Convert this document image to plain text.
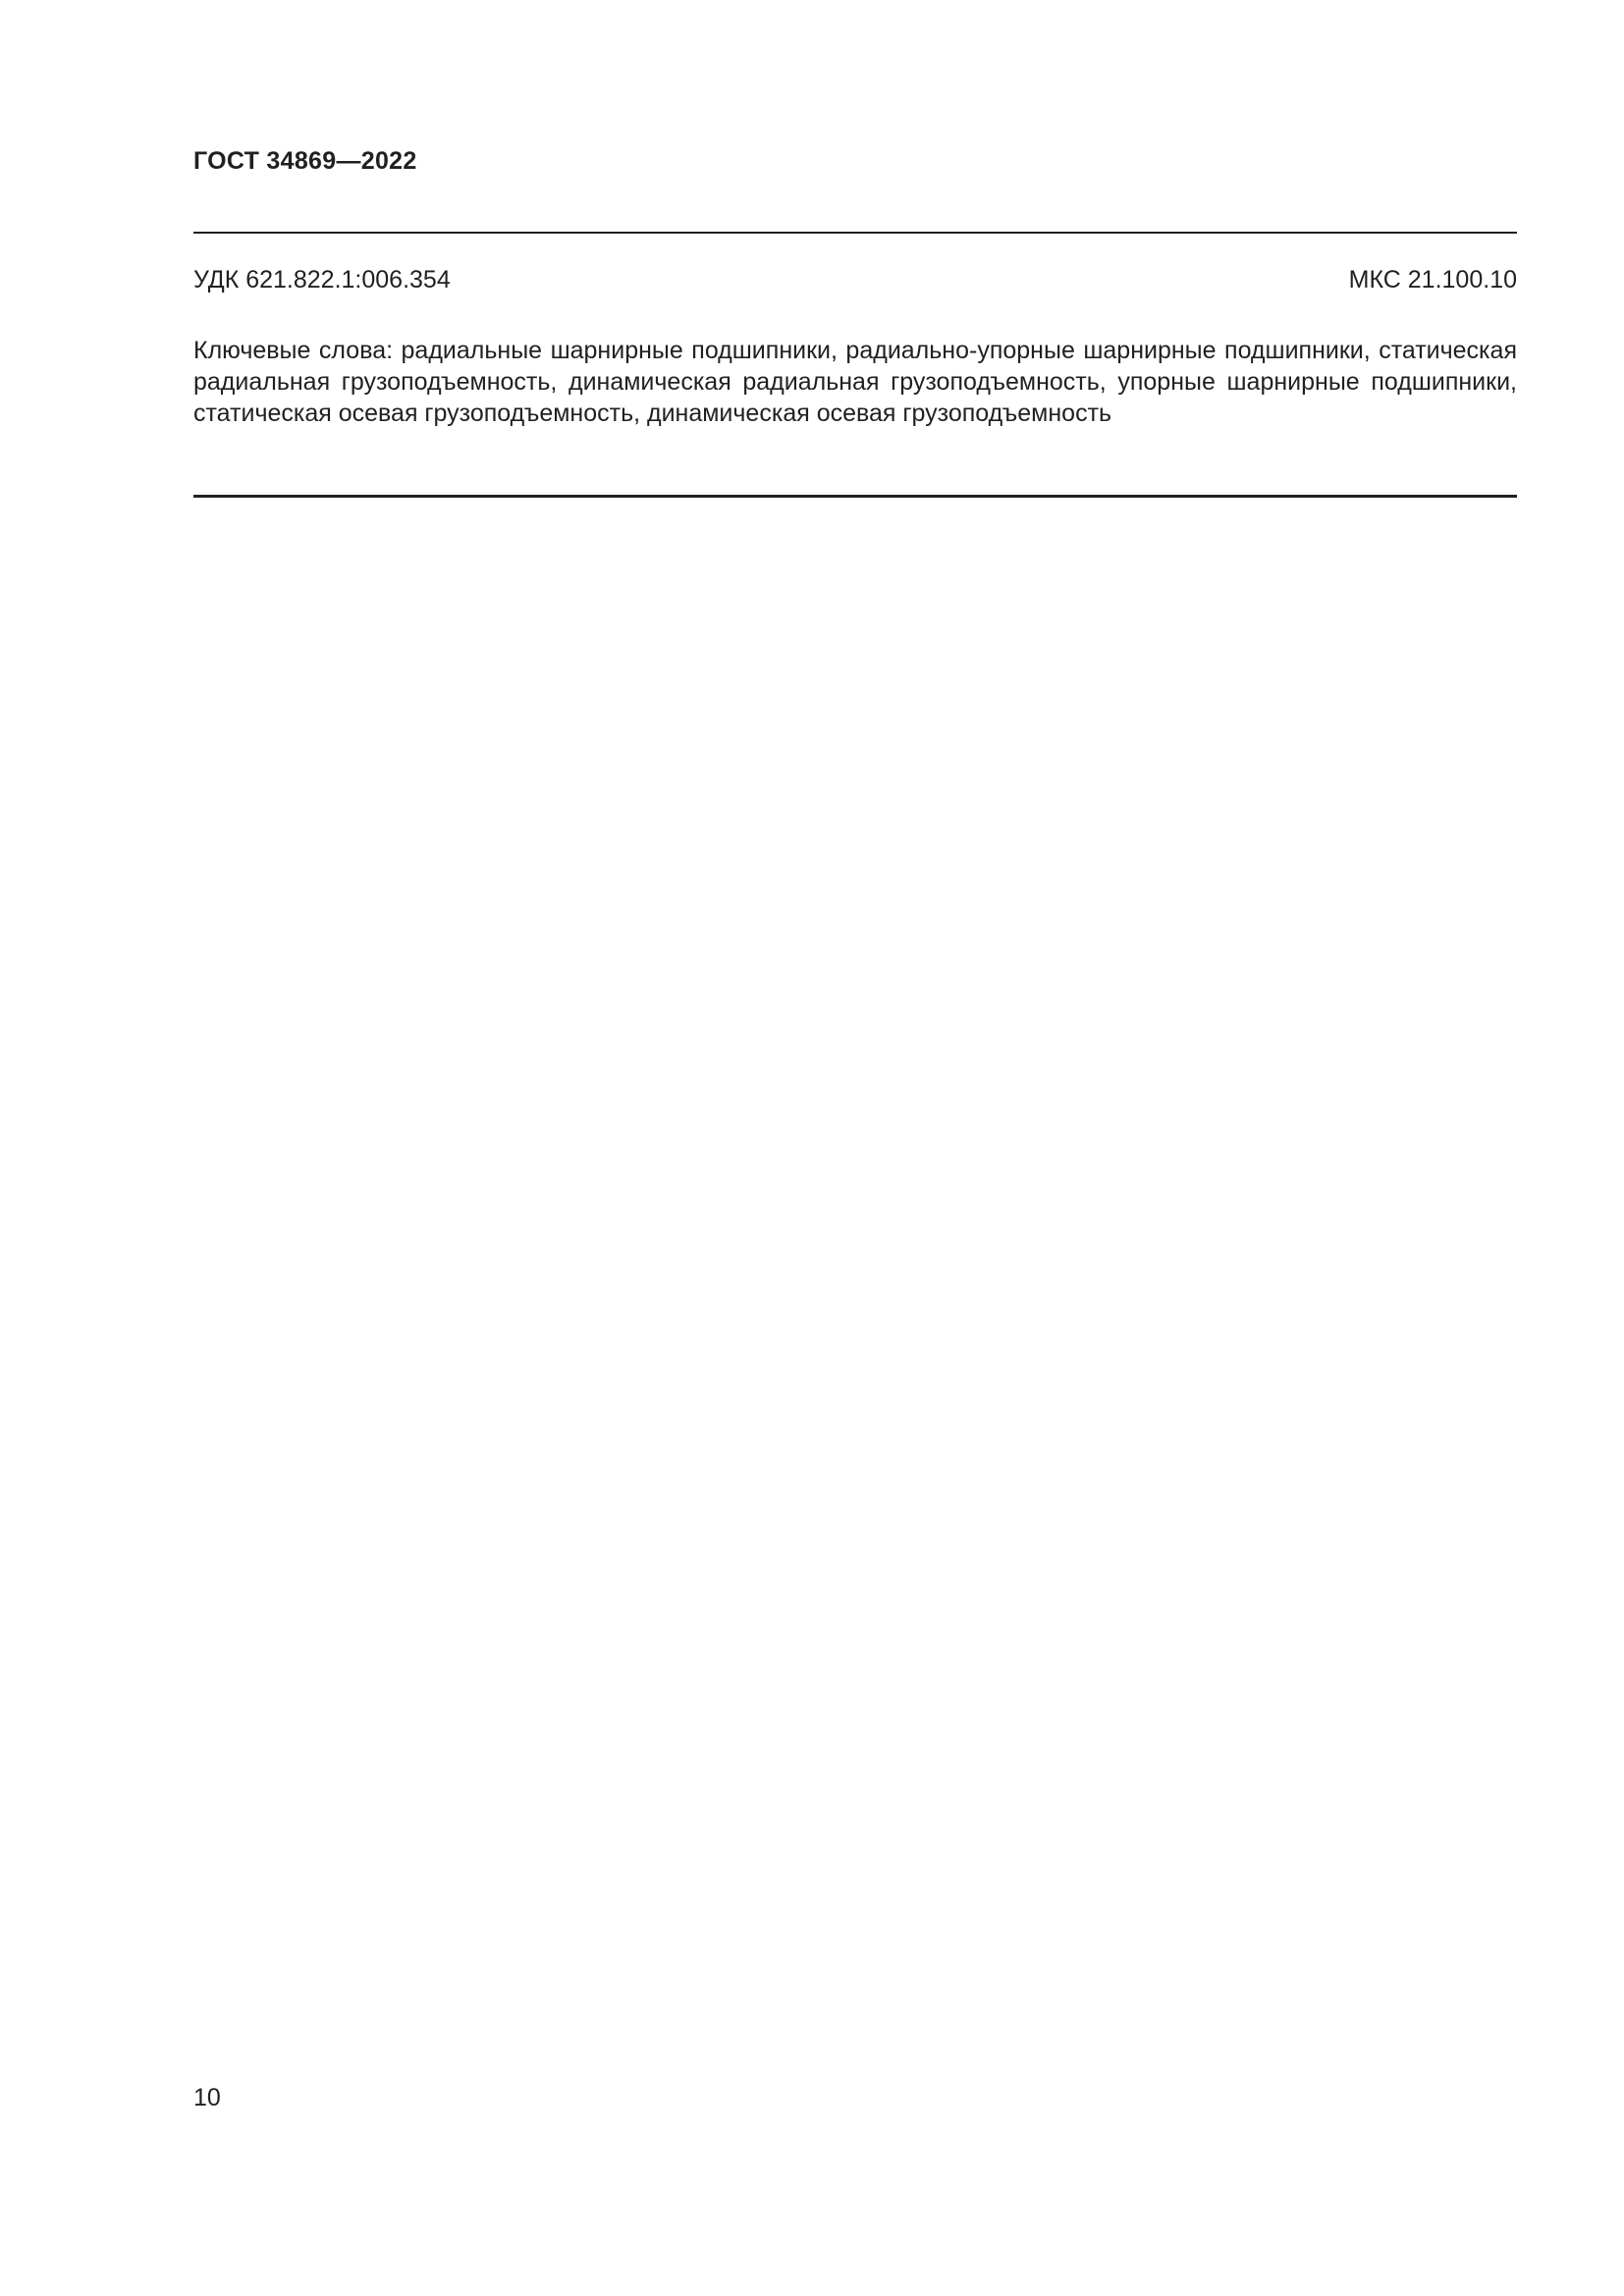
ГОСТ 34869—2022
УДК 621.822.1:006.354	МКС 21.100.10
Ключевые слова: радиальные шарнирные подшипники, радиально-упорные шарнирные подшипники, статическая радиальная грузоподъемность, динамическая радиальная грузоподъемность, упорные шарнирные подшипники, статическая осевая грузоподъемность, динамическая осевая грузоподъемность
10
